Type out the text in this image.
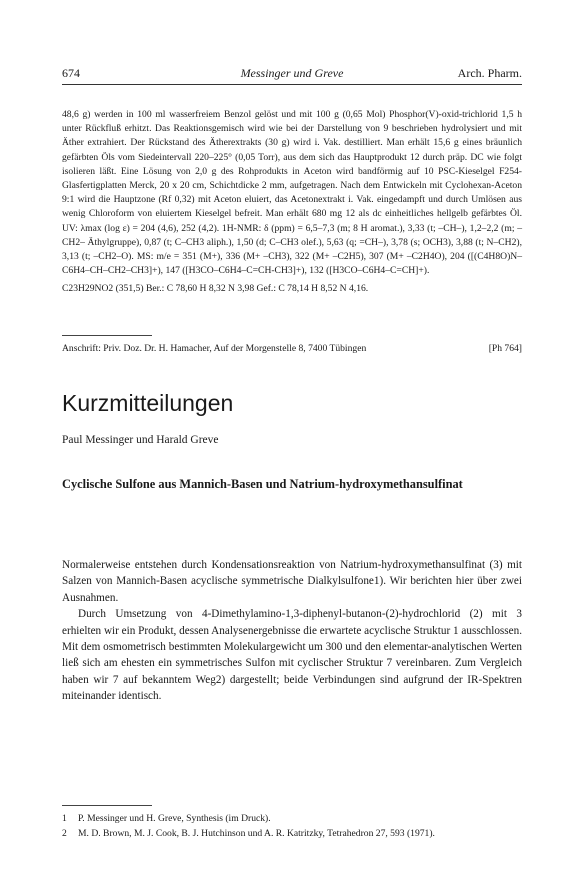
674	Messinger und Greve	Arch. Pharm.

48,6 g) werden in 100 ml wasserfreiem Benzol gelöst und mit 100 g (0,65 Mol) Phosphor(V)-oxid-trichlorid 1,5 h unter Rückfluß erhitzt. Das Reaktionsgemisch wird wie bei der Darstellung von 9 beschrieben hydrolysiert und mit Äther extrahiert. Der Rückstand des Ätherextrakts (30 g) wird i. Vak. destilliert. Man erhält 15,6 g eines bräunlich gefärbten Öls vom Siedeintervall 220–225° (0,05 Torr), aus dem sich das Hauptprodukt 12 durch präp. DC wie folgt isolieren läßt. Eine Lösung von 2,0 g des Rohprodukts in Aceton wird bandförmig auf 10 PSC-Kieselgel F254-Glasfertigplatten Merck, 20 x 20 cm, Schichtdicke 2 mm, aufgetragen. Nach dem Entwickeln mit Cyclohexan-Aceton 9:1 wird die Hauptzone (Rf 0,32) mit Aceton eluiert, das Acetonextrakt i. Vak. eingedampft und durch Umlösen aus wenig Chloroform von eluiertem Kieselgel befreit. Man erhält 680 mg 12 als dc einheitliches hellgelb gefärbtes Öl. UV: λmax (log ε) = 204 (4,6), 252 (4,2). 1H-NMR: δ (ppm) = 6,5–7,3 (m; 8 H aromat.), 3,33 (t; –CH–), 1,2–2,2 (m; –CH2– Äthylgruppe), 0,87 (t; C–CH3 aliph.), 1,50 (d; C–CH3 olef.), 5,63 (q; =CH–), 3,78 (s; OCH3), 3,88 (t; N–CH2), 3,13 (t; –CH2–O). MS: m/e = 351 (M+), 336 (M+ –CH3), 322 (M+ –C2H5), 307 (M+ –C2H4O), 204 ([(C4H8O)N–C6H4–CH–CH2–CH3]+), 147 ([H3CO–C6H4–C=CH-CH3]+), 132 ([H3CO–C6H4–C=CH]+).

C23H29NO2 (351,5) Ber.: C 78,60 H 8,32 N 3,98 Gef.: C 78,14 H 8,52 N 4,16.

Anschrift: Priv. Doz. Dr. H. Hamacher, Auf der Morgenstelle 8, 7400 Tübingen	[Ph 764]
Kurzmitteilungen
Paul Messinger und Harald Greve
Cyclische Sulfone aus Mannich-Basen und Natrium-hydroxymethansulfinat

Normalerweise entstehen durch Kondensationsreaktion von Natrium-hydroxymethansulfinat (3) mit Salzen von Mannich-Basen acyclische symmetrische Dialkylsulfone1). Wir berichten hier über zwei Ausnahmen.

Durch Umsetzung von 4-Dimethylamino-1,3-diphenyl-butanon-(2)-hydrochlorid (2) mit 3 erhielten wir ein Produkt, dessen Analysenergebnisse die erwartete acyclische Struktur 1 ausschlossen. Mit dem osmometrisch bestimmten Molekulargewicht um 300 und den elementar-analytischen Werten ließ sich am ehesten ein symmetrisches Sulfon mit cyclischer Struktur 7 vereinbaren. Zum Vergleich haben wir 7 auf bekanntem Weg2) dargestellt; beide Verbindungen sind aufgrund der IR-Spektren miteinander identisch.

1 P. Messinger und H. Greve, Synthesis (im Druck).
2 M. D. Brown, M. J. Cook, B. J. Hutchinson und A. R. Katritzky, Tetrahedron 27, 593 (1971).
